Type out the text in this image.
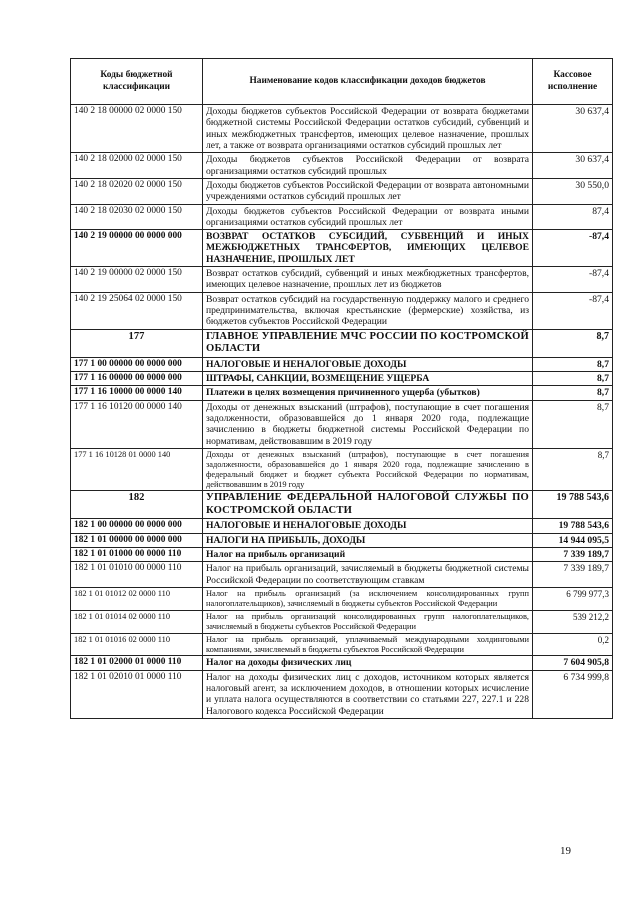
Коды бюджетной классификации	Наименование кодов классификации доходов бюджетов	Кассовое исполнение
140 2 18 00000 02 0000 150	Доходы бюджетов субъектов Российской Федерации от возврата бюджетами бюджетной системы Российской Федерации остатков субсидий, субвенций и иных межбюджетных трансфертов, имеющих целевое назначение, прошлых лет, а также от возврата организациями остатков субсидий прошлых лет	30 637,4
140 2 18 02000 02 0000 150	Доходы бюджетов субъектов Российской Федерации от возврата организациями остатков субсидий прошлых	30 637,4
140 2 18 02020 02 0000 150	Доходы бюджетов субъектов Российской Федерации от возврата автономными учреждениями остатков субсидий прошлых лет	30 550,0
140 2 18 02030 02 0000 150	Доходы бюджетов субъектов Российской Федерации от возврата иными организациями остатков субсидий прошлых лет	87,4
140 2 19 00000 00 0000 000	ВОЗВРАТ ОСТАТКОВ СУБСИДИЙ, СУБВЕНЦИЙ И ИНЫХ МЕЖБЮДЖЕТНЫХ ТРАНСФЕРТОВ, ИМЕЮЩИХ ЦЕЛЕВОЕ НАЗНАЧЕНИЕ, ПРОШЛЫХ ЛЕТ	-87,4
140 2 19 00000 02 0000 150	Возврат остатков субсидий, субвенций и иных межбюджетных трансфертов, имеющих целевое назначение, прошлых лет из бюджетов	-87,4
140 2 19 25064 02 0000 150	Возврат остатков субсидий на государственную поддержку малого и среднего предпринимательства, включая крестьянские (фермерские) хозяйства, из бюджетов субъектов Российской Федерации	-87,4
177	ГЛАВНОЕ УПРАВЛЕНИЕ МЧС РОССИИ ПО КОСТРОМСКОЙ ОБЛАСТИ	8,7
177 1 00 00000 00 0000 000	НАЛОГОВЫЕ И НЕНАЛОГОВЫЕ ДОХОДЫ	8,7
177 1 16 00000 00 0000 000	ШТРАФЫ, САНКЦИИ, ВОЗМЕЩЕНИЕ УЩЕРБА	8,7
177 1 16 10000 00 0000 140	Платежи в целях возмещения причиненного ущерба (убытков)	8,7
177 1 16 10120 00 0000 140	Доходы от денежных взысканий (штрафов), поступающие в счет погашения задолженности, образовавшейся до 1 января 2020 года, подлежащие зачислению в бюджеты бюджетной системы Российской Федерации по нормативам, действовавшим в 2019 году	8,7
177 1 16 10128 01 0000 140	Доходы от денежных взысканий (штрафов), поступающие в счет погашения задолженности, образовавшейся до 1 января 2020 года, подлежащие зачислению в федеральный бюджет и бюджет субъекта Российской Федерации по нормативам, действовавшим в 2019 году	8,7
182	УПРАВЛЕНИЕ ФЕДЕРАЛЬНОЙ НАЛОГОВОЙ СЛУЖБЫ ПО КОСТРОМСКОЙ ОБЛАСТИ	19 788 543,6
182 1 00 00000 00 0000 000	НАЛОГОВЫЕ И НЕНАЛОГОВЫЕ ДОХОДЫ	19 788 543,6
182 1 01 00000 00 0000 000	НАЛОГИ НА ПРИБЫЛЬ, ДОХОДЫ	14 944 095,5
182 1 01 01000 00 0000 110	Налог на прибыль организаций	7 339 189,7
182 1 01 01010 00 0000 110	Налог на прибыль организаций, зачисляемый в бюджеты бюджетной системы Российской Федерации по соответствующим ставкам	7 339 189,7
182 1 01 01012 02 0000 110	Налог на прибыль организаций (за исключением консолидированных групп налогоплательщиков), зачисляемый в бюджеты субъектов Российской Федерации	6 799 977,3
182 1 01 01014 02 0000 110	Налог на прибыль организаций консолидированных групп налогоплательщиков, зачисляемый в бюджеты субъектов Российской Федерации	539 212,2
182 1 01 01016 02 0000 110	Налог на прибыль организаций, уплачиваемый международными холдинговыми компаниями, зачисляемый в бюджеты субъектов Российской Федерации	0,2
182 1 01 02000 01 0000 110	Налог на доходы физических лиц	7 604 905,8
182 1 01 02010 01 0000 110	Налог на доходы физических лиц с доходов, источником которых является налоговый агент, за исключением доходов, в отношении которых исчисление и уплата налога осуществляются в соответствии со статьями 227, 227.1 и 228 Налогового кодекса Российской Федерации	6 734 999,8
19
